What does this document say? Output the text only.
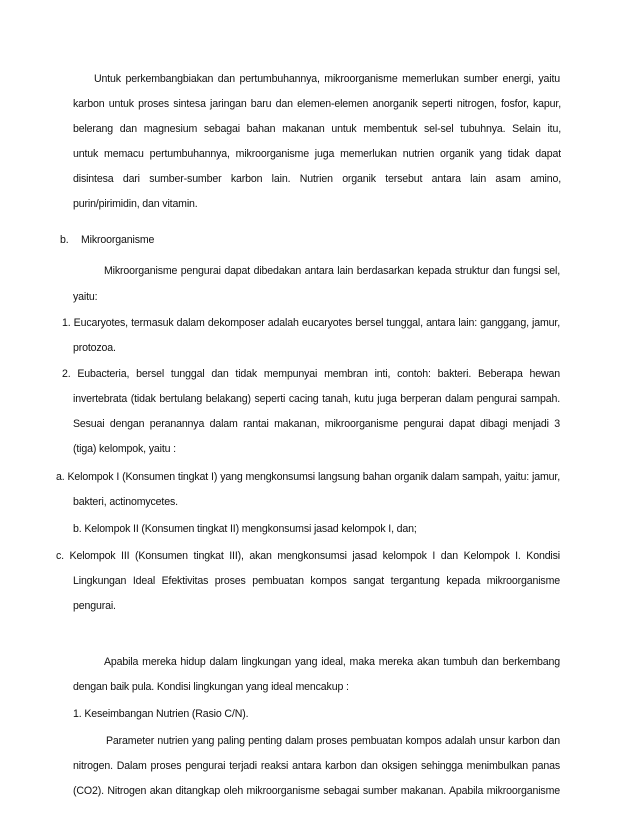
Untuk perkembangbiakan dan pertumbuhannya, mikroorganisme memerlukan sumber energi, yaitu

karbon untuk proses sintesa jaringan baru dan elemen-elemen anorganik seperti nitrogen, fosfor, kapur,

belerang dan magnesium sebagai bahan makanan untuk membentuk sel-sel tubuhnya. Selain itu,

untuk memacu pertumbuhannya, mikroorganisme juga memerlukan nutrien organik yang tidak dapat

disintesa dari sumber-sumber karbon lain. Nutrien organik tersebut antara lain asam amino,

purin/pirimidin, dan vitamin.

b. Mikroorganisme

Mikroorganisme pengurai dapat dibedakan antara lain berdasarkan kepada struktur dan fungsi sel,

yaitu:

1. Eucaryotes, termasuk dalam dekomposer adalah eucaryotes bersel tunggal, antara lain: ganggang, jamur,

protozoa.

2. Eubacteria, bersel tunggal dan tidak mempunyai membran inti, contoh: bakteri. Beberapa hewan

invertebrata (tidak bertulang belakang) seperti cacing tanah, kutu juga berperan dalam pengurai sampah.

Sesuai dengan peranannya dalam rantai makanan, mikroorganisme pengurai dapat dibagi menjadi 3

(tiga) kelompok, yaitu :

a. Kelompok I (Konsumen tingkat I) yang mengkonsumsi langsung bahan organik dalam sampah, yaitu: jamur,

bakteri, actinomycetes.

b. Kelompok II (Konsumen tingkat II) mengkonsumsi jasad kelompok I, dan;

c. Kelompok III (Konsumen tingkat III), akan mengkonsumsi jasad kelompok I dan Kelompok I. Kondisi

Lingkungan Ideal Efektivitas proses pembuatan kompos sangat tergantung kepada mikroorganisme

pengurai.

Apabila mereka hidup dalam lingkungan yang ideal, maka mereka akan tumbuh dan berkembang

dengan baik pula. Kondisi lingkungan yang ideal mencakup :

1. Keseimbangan Nutrien (Rasio C/N).

Parameter nutrien yang paling penting dalam proses pembuatan kompos adalah unsur karbon dan

nitrogen. Dalam proses pengurai terjadi reaksi antara karbon dan oksigen sehingga menimbulkan panas

(CO2). Nitrogen akan ditangkap oleh mikroorganisme sebagai sumber makanan. Apabila mikroorganisme
